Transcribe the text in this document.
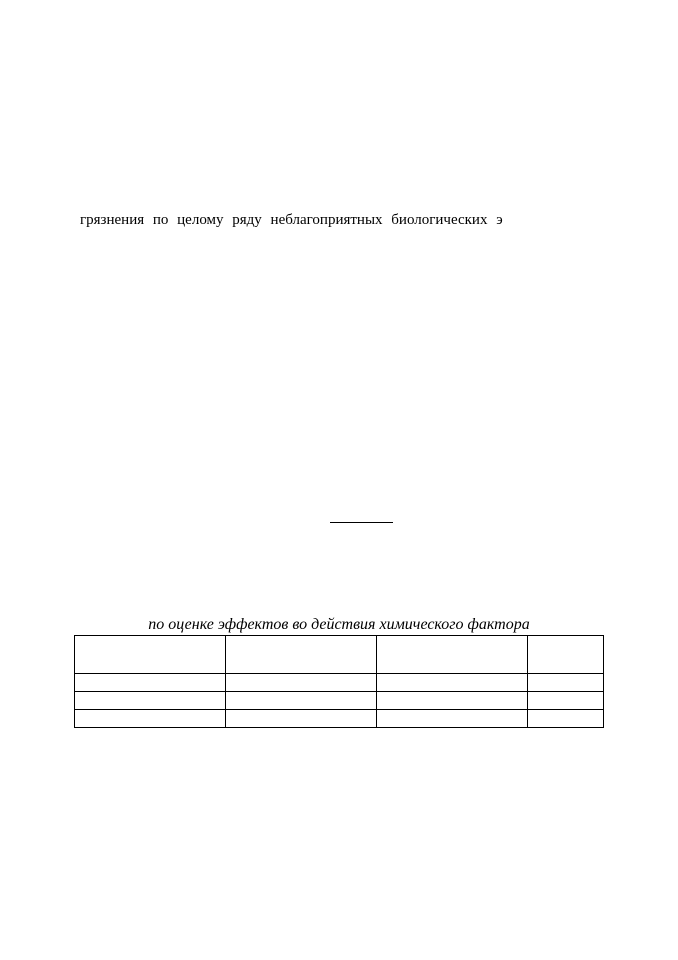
грязнения по целому ряду неблагоприятных биологических э
по оценке эффектов во действия химического фактора
